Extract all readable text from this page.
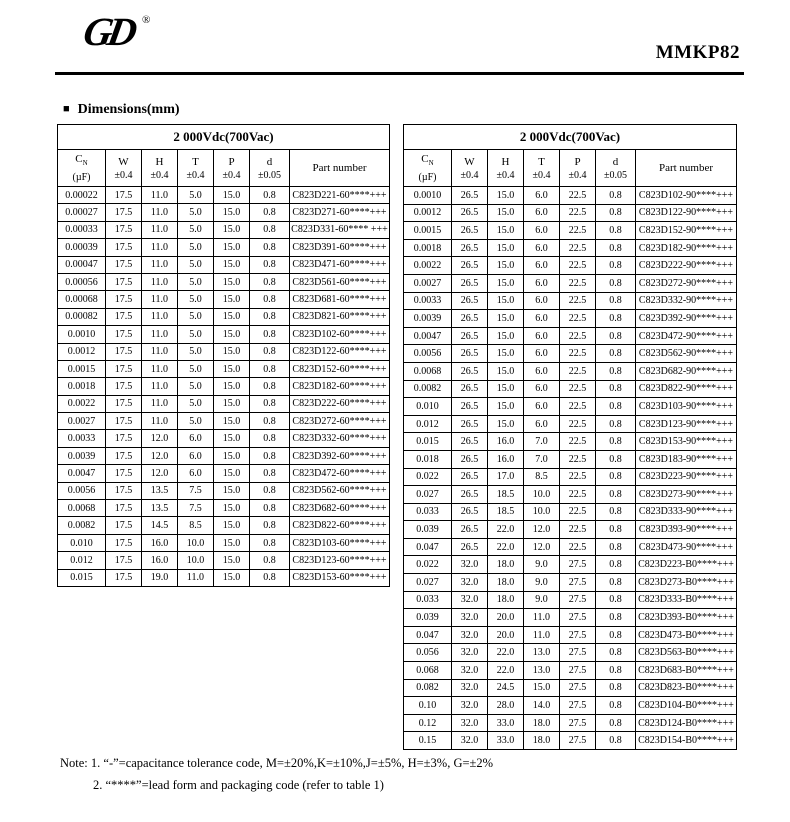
GD ®
MMKP82
■ Dimensions(mm)
2 000Vdc(700Vac)						

$C_N$
(µF)

W
±0.4

H
±0.4

T
±0.4

P
±0.4

d
±0.05

Part number

0.00022	17.5	11.0	5.0	15.0	0.8	C823D221-60****+++
0.00027	17.5	11.0	5.0	15.0	0.8	C823D271-60****+++
0.00033	17.5	11.0	5.0	15.0	0.8	C823D331-60**** +++
0.00039	17.5	11.0	5.0	15.0	0.8	C823D391-60****+++
0.00047	17.5	11.0	5.0	15.0	0.8	C823D471-60****+++
0.00056	17.5	11.0	5.0	15.0	0.8	C823D561-60****+++
0.00068	17.5	11.0	5.0	15.0	0.8	C823D681-60****+++
0.00082	17.5	11.0	5.0	15.0	0.8	C823D821-60****+++
0.0010	17.5	11.0	5.0	15.0	0.8	C823D102-60****+++
0.0012	17.5	11.0	5.0	15.0	0.8	C823D122-60****+++
0.0015	17.5	11.0	5.0	15.0	0.8	C823D152-60****+++
0.0018	17.5	11.0	5.0	15.0	0.8	C823D182-60****+++
0.0022	17.5	11.0	5.0	15.0	0.8	C823D222-60****+++
0.0027	17.5	11.0	5.0	15.0	0.8	C823D272-60****+++
0.0033	17.5	12.0	6.0	15.0	0.8	C823D332-60****+++
0.0039	17.5	12.0	6.0	15.0	0.8	C823D392-60****+++
0.0047	17.5	12.0	6.0	15.0	0.8	C823D472-60****+++
0.0056	17.5	13.5	7.5	15.0	0.8	C823D562-60****+++
0.0068	17.5	13.5	7.5	15.0	0.8	C823D682-60****+++
0.0082	17.5	14.5	8.5	15.0	0.8	C823D822-60****+++
0.010	17.5	16.0	10.0	15.0	0.8	C823D103-60****+++
0.012	17.5	16.0	10.0	15.0	0.8	C823D123-60****+++
0.015	17.5	19.0	11.0	15.0	0.8	C823D153-60****+++
2 000Vdc(700Vac)						

$C_N$
(µF)

W
±0.4

H
±0.4

T
±0.4

P
±0.4

d
±0.05

Part number

0.0010	26.5	15.0	6.0	22.5	0.8	C823D102-90****+++
0.0012	26.5	15.0	6.0	22.5	0.8	C823D122-90****+++
0.0015	26.5	15.0	6.0	22.5	0.8	C823D152-90****+++
0.0018	26.5	15.0	6.0	22.5	0.8	C823D182-90****+++
0.0022	26.5	15.0	6.0	22.5	0.8	C823D222-90****+++
0.0027	26.5	15.0	6.0	22.5	0.8	C823D272-90****+++
0.0033	26.5	15.0	6.0	22.5	0.8	C823D332-90****+++
0.0039	26.5	15.0	6.0	22.5	0.8	C823D392-90****+++
0.0047	26.5	15.0	6.0	22.5	0.8	C823D472-90****+++
0.0056	26.5	15.0	6.0	22.5	0.8	C823D562-90****+++
0.0068	26.5	15.0	6.0	22.5	0.8	C823D682-90****+++
0.0082	26.5	15.0	6.0	22.5	0.8	C823D822-90****+++
0.010	26.5	15.0	6.0	22.5	0.8	C823D103-90****+++
0.012	26.5	15.0	6.0	22.5	0.8	C823D123-90****+++
0.015	26.5	16.0	7.0	22.5	0.8	C823D153-90****+++
0.018	26.5	16.0	7.0	22.5	0.8	C823D183-90****+++
0.022	26.5	17.0	8.5	22.5	0.8	C823D223-90****+++
0.027	26.5	18.5	10.0	22.5	0.8	C823D273-90****+++
0.033	26.5	18.5	10.0	22.5	0.8	C823D333-90****+++
0.039	26.5	22.0	12.0	22.5	0.8	C823D393-90****+++
0.047	26.5	22.0	12.0	22.5	0.8	C823D473-90****+++
0.022	32.0	18.0	9.0	27.5	0.8	C823D223-B0****+++
0.027	32.0	18.0	9.0	27.5	0.8	C823D273-B0****+++
0.033	32.0	18.0	9.0	27.5	0.8	C823D333-B0****+++
0.039	32.0	20.0	11.0	27.5	0.8	C823D393-B0****+++
0.047	32.0	20.0	11.0	27.5	0.8	C823D473-B0****+++
0.056	32.0	22.0	13.0	27.5	0.8	C823D563-B0****+++
0.068	32.0	22.0	13.0	27.5	0.8	C823D683-B0****+++
0.082	32.0	24.5	15.0	27.5	0.8	C823D823-B0****+++
0.10	32.0	28.0	14.0	27.5	0.8	C823D104-B0****+++
0.12	32.0	33.0	18.0	27.5	0.8	C823D124-B0****+++
0.15	32.0	33.0	18.0	27.5	0.8	C823D154-B0****+++
Note: 1. “-”=capacitance tolerance code, M=±20%,K=±10%,J=±5%, H=±3%, G=±2%
2. “****”=lead form and packaging code (refer to table 1)
